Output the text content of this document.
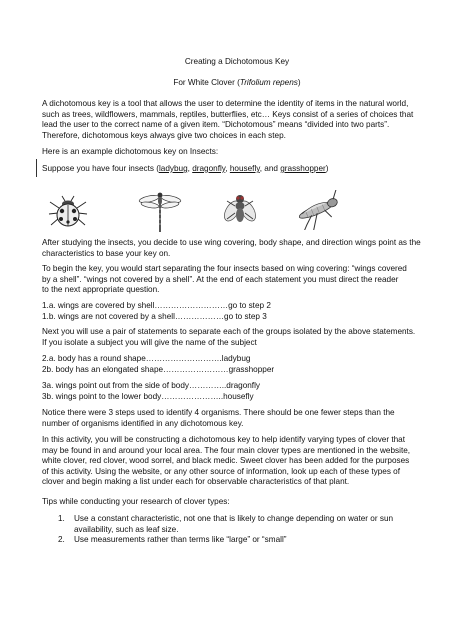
Creating a Dichotomous Key
For White Clover (Trifolium repens)

A dichotomous key is a tool that allows the user to determine the identity of items in the natural world,

such as trees, wildflowers, mammals, reptiles, butterflies, etc… Keys consist of a series of choices that

lead the user to the correct name of a given item. “Dichotomous” means “divided into two parts”.

Therefore, dichotomous keys always give two choices in each step.

Here is an example dichotomous key on Insects:
Suppose you have four insects (ladybug, dragonfly, housefly, and grasshopper)

After studying the insects, you decide to use wing covering, body shape, and direction wings point as the

characteristics to base your key on.

To begin the key, you would start separating the four insects based on wing covering: “wings covered

by a shell”. “wings not covered by a shell”. At the end of each statement you must direct the reader

to the next appropriate question.

1.a. wings are covered by shell………………………go to step 2

1.b. wings are not covered by a shell………………go to step 3

Next you will use a pair of statements to separate each of the groups isolated by the above statements.

If you isolate a subject you will give the name of the subject

2.a. body has a round shape……………………….ladybug

2b. body has an elongated shape……………………grasshopper

3a. wings point out from the side of body…………..dragonfly

3b. wings point to the lower body…………………..housefly

Notice there were 3 steps used to identify 4 organisms. There should be one fewer steps than the

number of organisms identified in any dichotomous key.

In this activity, you will be constructing a dichotomous key to help identify varying types of clover that

may be found in and around your local area. The four main clover types are mentioned in the website,

white clover, red clover, wood sorrel, and black medic. Sweet clover has been added for the purposes

of this activity. Using the website, or any other source of information, look up each of these types of

clover and begin making a list under each for observable characteristics of that plant.

Tips while conducting your research of clover types:
1. Use a constant characteristic, not one that is likely to change depending on water or sun

availability, such as leaf size.

2. Use measurements rather than terms like “large” or “small”
